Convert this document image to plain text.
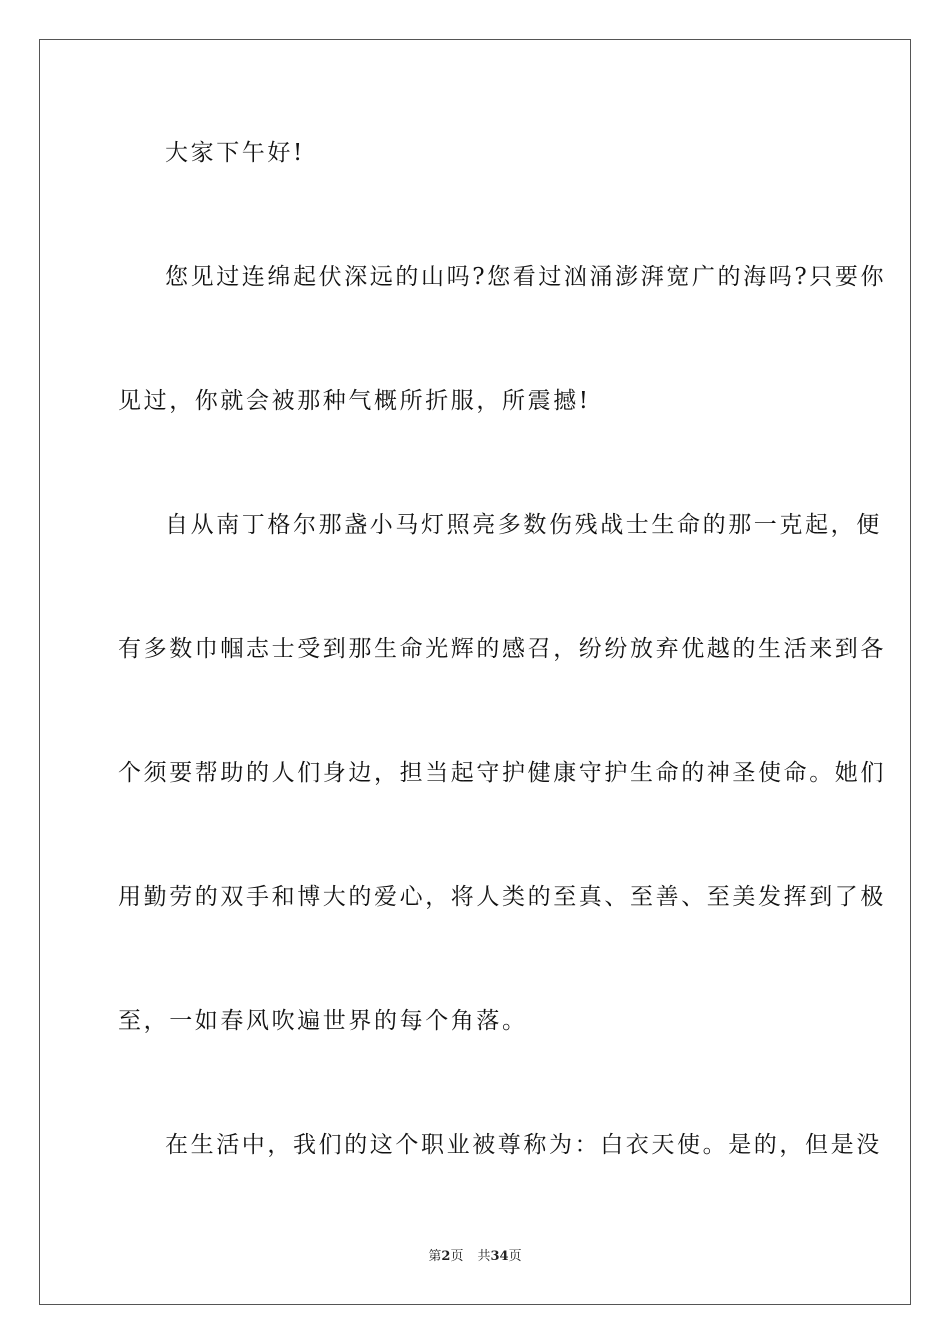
大家下午好!
您见过连绵起伏深远的山吗?您看过汹涌澎湃宽广的海吗?只要你
见过，你就会被那种气概所折服，所震撼!
自从南丁格尔那盏小马灯照亮多数伤残战士生命的那一克起，便
有多数巾帼志士受到那生命光辉的感召，纷纷放弃优越的生活来到各
个须要帮助的人们身边，担当起守护健康守护生命的神圣使命。她们
用勤劳的双手和博大的爱心，将人类的至真、至善、至美发挥到了极
至，一如春风吹遍世界的每个角落。
在生活中，我们的这个职业被尊称为：白衣天使。是的，但是没
第2页 共34页
